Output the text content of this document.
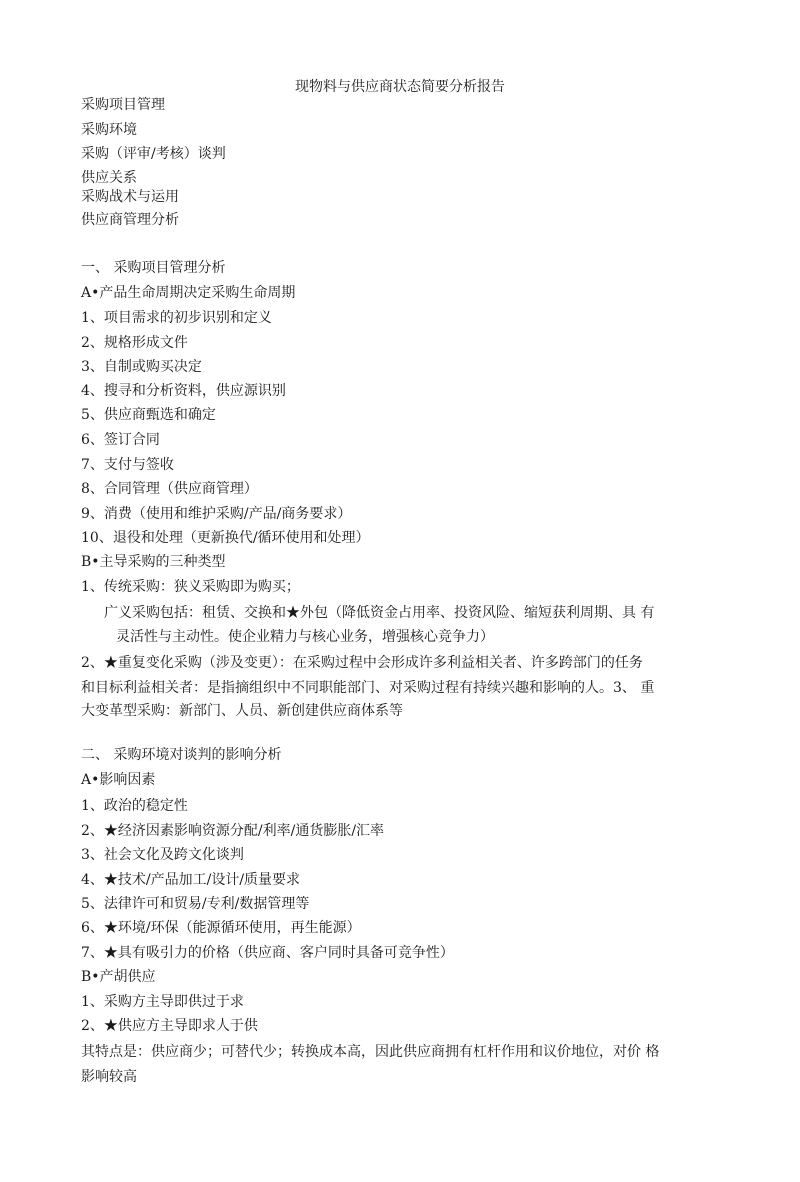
现物料与供应商状态简要分析报告
采购项目管理
采购环境
采购（评审/考核）谈判
供应关系
采购战术与运用
供应商管理分析
一、 采购项目管理分析
A•产品生命周期决定采购生命周期
1、项目需求的初步识别和定义
2、规格形成文件
3、自制或购买决定
4、搜寻和分析资料，供应源识别
5、供应商甄选和确定
6、签订合同
7、支付与签收
8、合同管理（供应商管理）
9、消费（使用和维护采购/产品/商务要求）
10、退役和处理（更新换代/循环使用和处理）
B•主导采购的三种类型
1、传统采购：狭义采购即为购买；
广义采购包括：租赁、交换和★外包（降低资金占用率、投资风险、缩短获利周期、具 有
灵活性与主动性。使企业精力与核心业务，增强核心竞争力）
2、★重复变化采购（涉及变更）：在采购过程中会形成许多利益相关者、许多跨部门的任务
和目标利益相关者：是指摘组织中不同职能部门、对采购过程有持续兴趣和影响的人。3、 重
大变革型采购：新部门、人员、新创建供应商体系等
二、 采购环境对谈判的影响分析
A•影响因素
1、政治的稳定性
2、★经济因素影响资源分配/利率/通货膨胀/汇率
3、社会文化及跨文化谈判
4、★技术/产品加工/设计/质量要求
5、法律许可和贸易/专利/数据管理等
6、★环境/环保（能源循环使用，再生能源）
7、★具有吸引力的价格（供应商、客户同时具备可竞争性）
B•产胡供应
1、采购方主导即供过于求
2、★供应方主导即求人于供
其特点是：供应商少；可替代少；转换成本高，因此供应商拥有杠杆作用和议价地位，对价 格
影响较高
